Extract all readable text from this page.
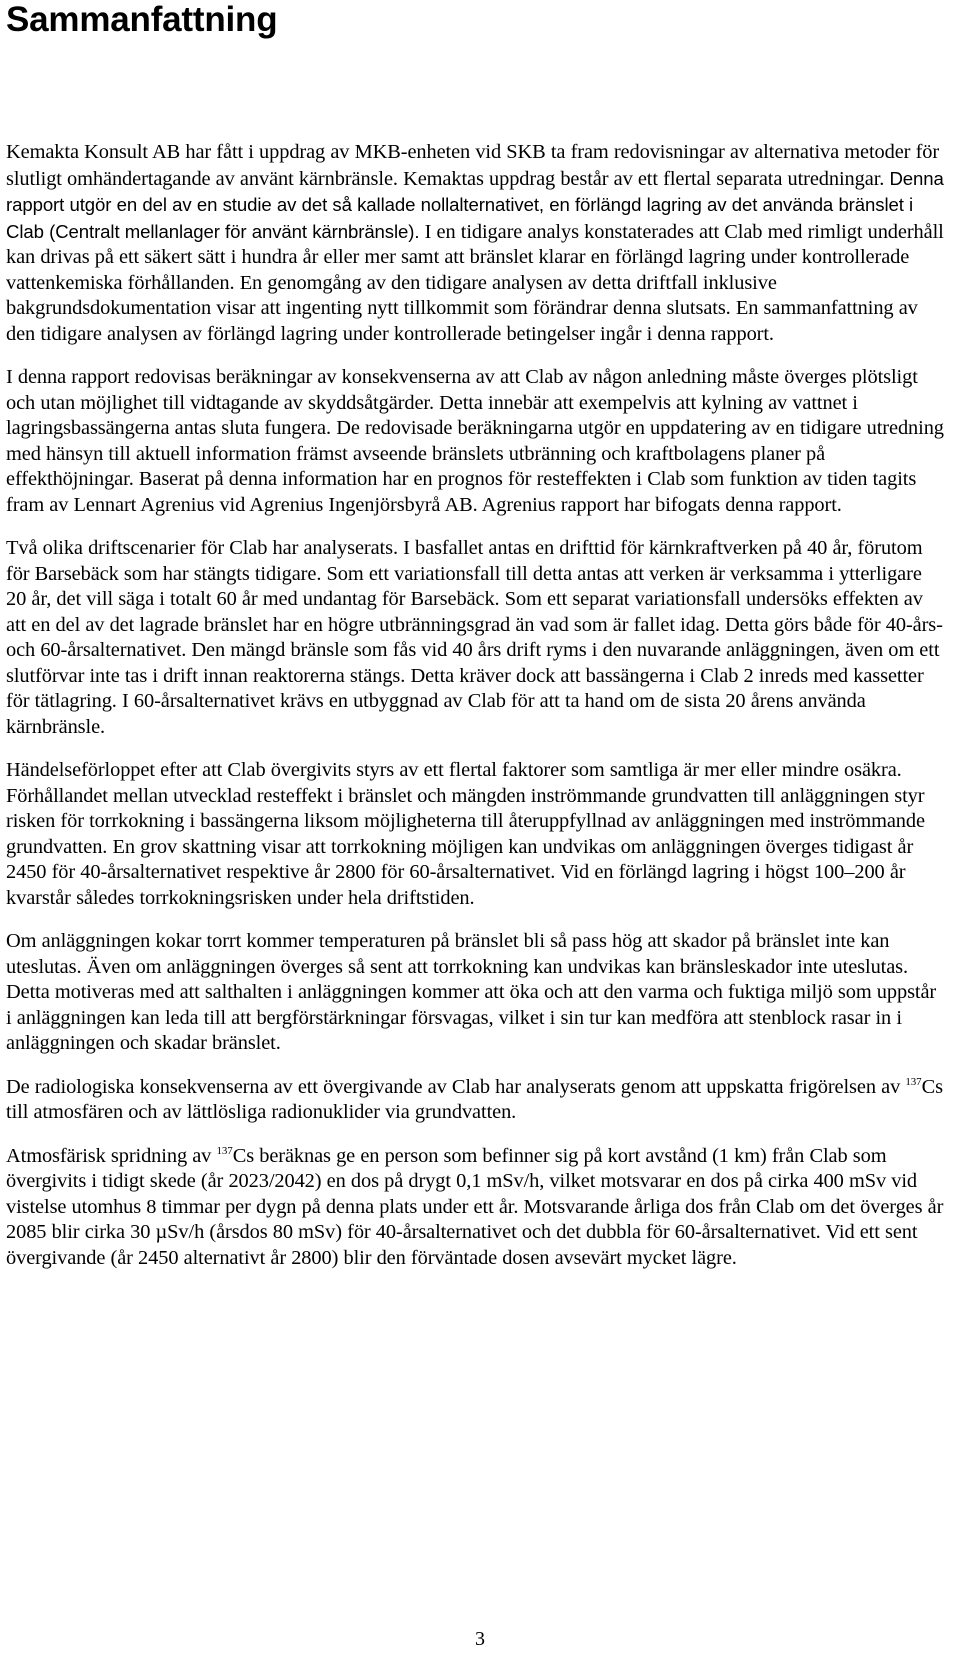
Sammanfattning

Kemakta Konsult AB har fått i uppdrag av MKB-enheten vid SKB ta fram redovisningar av alternativa metoder för slutligt omhändertagande av använt kärnbränsle. Kemaktas uppdrag består av ett flertal separata utredningar. Denna rapport utgör en del av en studie av det så kallade nollalternativet, en förlängd lagring av det använda bränslet i Clab (Centralt mellanlager för använt kärnbränsle). I en tidigare analys konstaterades att Clab med rimligt underhåll kan drivas på ett säkert sätt i hundra år eller mer samt att bränslet klarar en förlängd lagring under kontrollerade vattenkemiska förhållanden. En genomgång av den tidigare analysen av detta driftfall inklusive bakgrundsdokumentation visar att ingenting nytt tillkommit som förändrar denna slutsats. En sammanfattning av den tidigare analysen av förlängd lagring under kontrollerade betingelser ingår i denna rapport.

I denna rapport redovisas beräkningar av konsekvenserna av att Clab av någon anledning måste överges plötsligt och utan möjlighet till vidtagande av skyddsåtgärder. Detta innebär att exempelvis att kylning av vattnet i lagringsbassängerna antas sluta fungera. De redovisade beräkningarna utgör en uppdatering av en tidigare utredning med hänsyn till aktuell information främst avseende bränslets utbränning och kraftbolagens planer på effekthöjningar. Baserat på denna information har en prognos för resteffekten i Clab som funktion av tiden tagits fram av Lennart Agrenius vid Agrenius Ingenjörsbyrå AB. Agrenius rapport har bifogats denna rapport.

Två olika driftscenarier för Clab har analyserats. I basfallet antas en drifttid för kärnkraftverken på 40 år, förutom för Barsebäck som har stängts tidigare. Som ett variationsfall till detta antas att verken är verksamma i ytterligare 20 år, det vill säga i totalt 60 år med undantag för Barsebäck. Som ett separat variationsfall undersöks effekten av att en del av det lagrade bränslet har en högre utbränningsgrad än vad som är fallet idag. Detta görs både för 40-års- och 60-årsalternativet. Den mängd bränsle som fås vid 40 års drift ryms i den nuvarande anläggningen, även om ett slutförvar inte tas i drift innan reaktorerna stängs. Detta kräver dock att bassängerna i Clab 2 inreds med kassetter för tätlagring. I 60-årsalternativet krävs en utbyggnad av Clab för att ta hand om de sista 20 årens använda kärnbränsle.

Händelseförloppet efter att Clab övergivits styrs av ett flertal faktorer som samtliga är mer eller mindre osäkra. Förhållandet mellan utvecklad resteffekt i bränslet och mängden inströmmande grundvatten till anläggningen styr risken för torrkokning i bassängerna liksom möjligheterna till återuppfyllnad av anläggningen med inströmmande grundvatten. En grov skattning visar att torrkokning möjligen kan undvikas om anläggningen överges tidigast år 2450 för 40-årsalternativet respektive år 2800 för 60-årsalternativet. Vid en förlängd lagring i högst 100–200 år kvarstår således torrkokningsrisken under hela driftstiden.

Om anläggningen kokar torrt kommer temperaturen på bränslet bli så pass hög att skador på bränslet inte kan uteslutas. Även om anläggningen överges så sent att torrkokning kan undvikas kan bränsleskador inte uteslutas. Detta motiveras med att salthalten i anläggningen kommer att öka och att den varma och fuktiga miljö som uppstår i anläggningen kan leda till att bergförstärkningar försvagas, vilket i sin tur kan medföra att stenblock rasar in i anläggningen och skadar bränslet.

De radiologiska konsekvenserna av ett övergivande av Clab har analyserats genom att uppskatta frigörelsen av $^{137}$Cs till atmosfären och av lättlösliga radionuklider via grundvatten.

Atmosfärisk spridning av $^{137}$Cs beräknas ge en person som befinner sig på kort avstånd (1 km) från Clab som övergivits i tidigt skede (år 2023/2042) en dos på drygt 0,1 mSv/h, vilket motsvarar en dos på cirka 400 mSv vid vistelse utomhus 8 timmar per dygn på denna plats under ett år. Motsvarande årliga dos från Clab om det överges år 2085 blir cirka 30 µSv/h (årsdos 80 mSv) för 40-årsalternativet och det dubbla för 60-årsalternativet. Vid ett sent övergivande (år 2450 alternativt år 2800) blir den förväntade dosen avsevärt mycket lägre.

3
